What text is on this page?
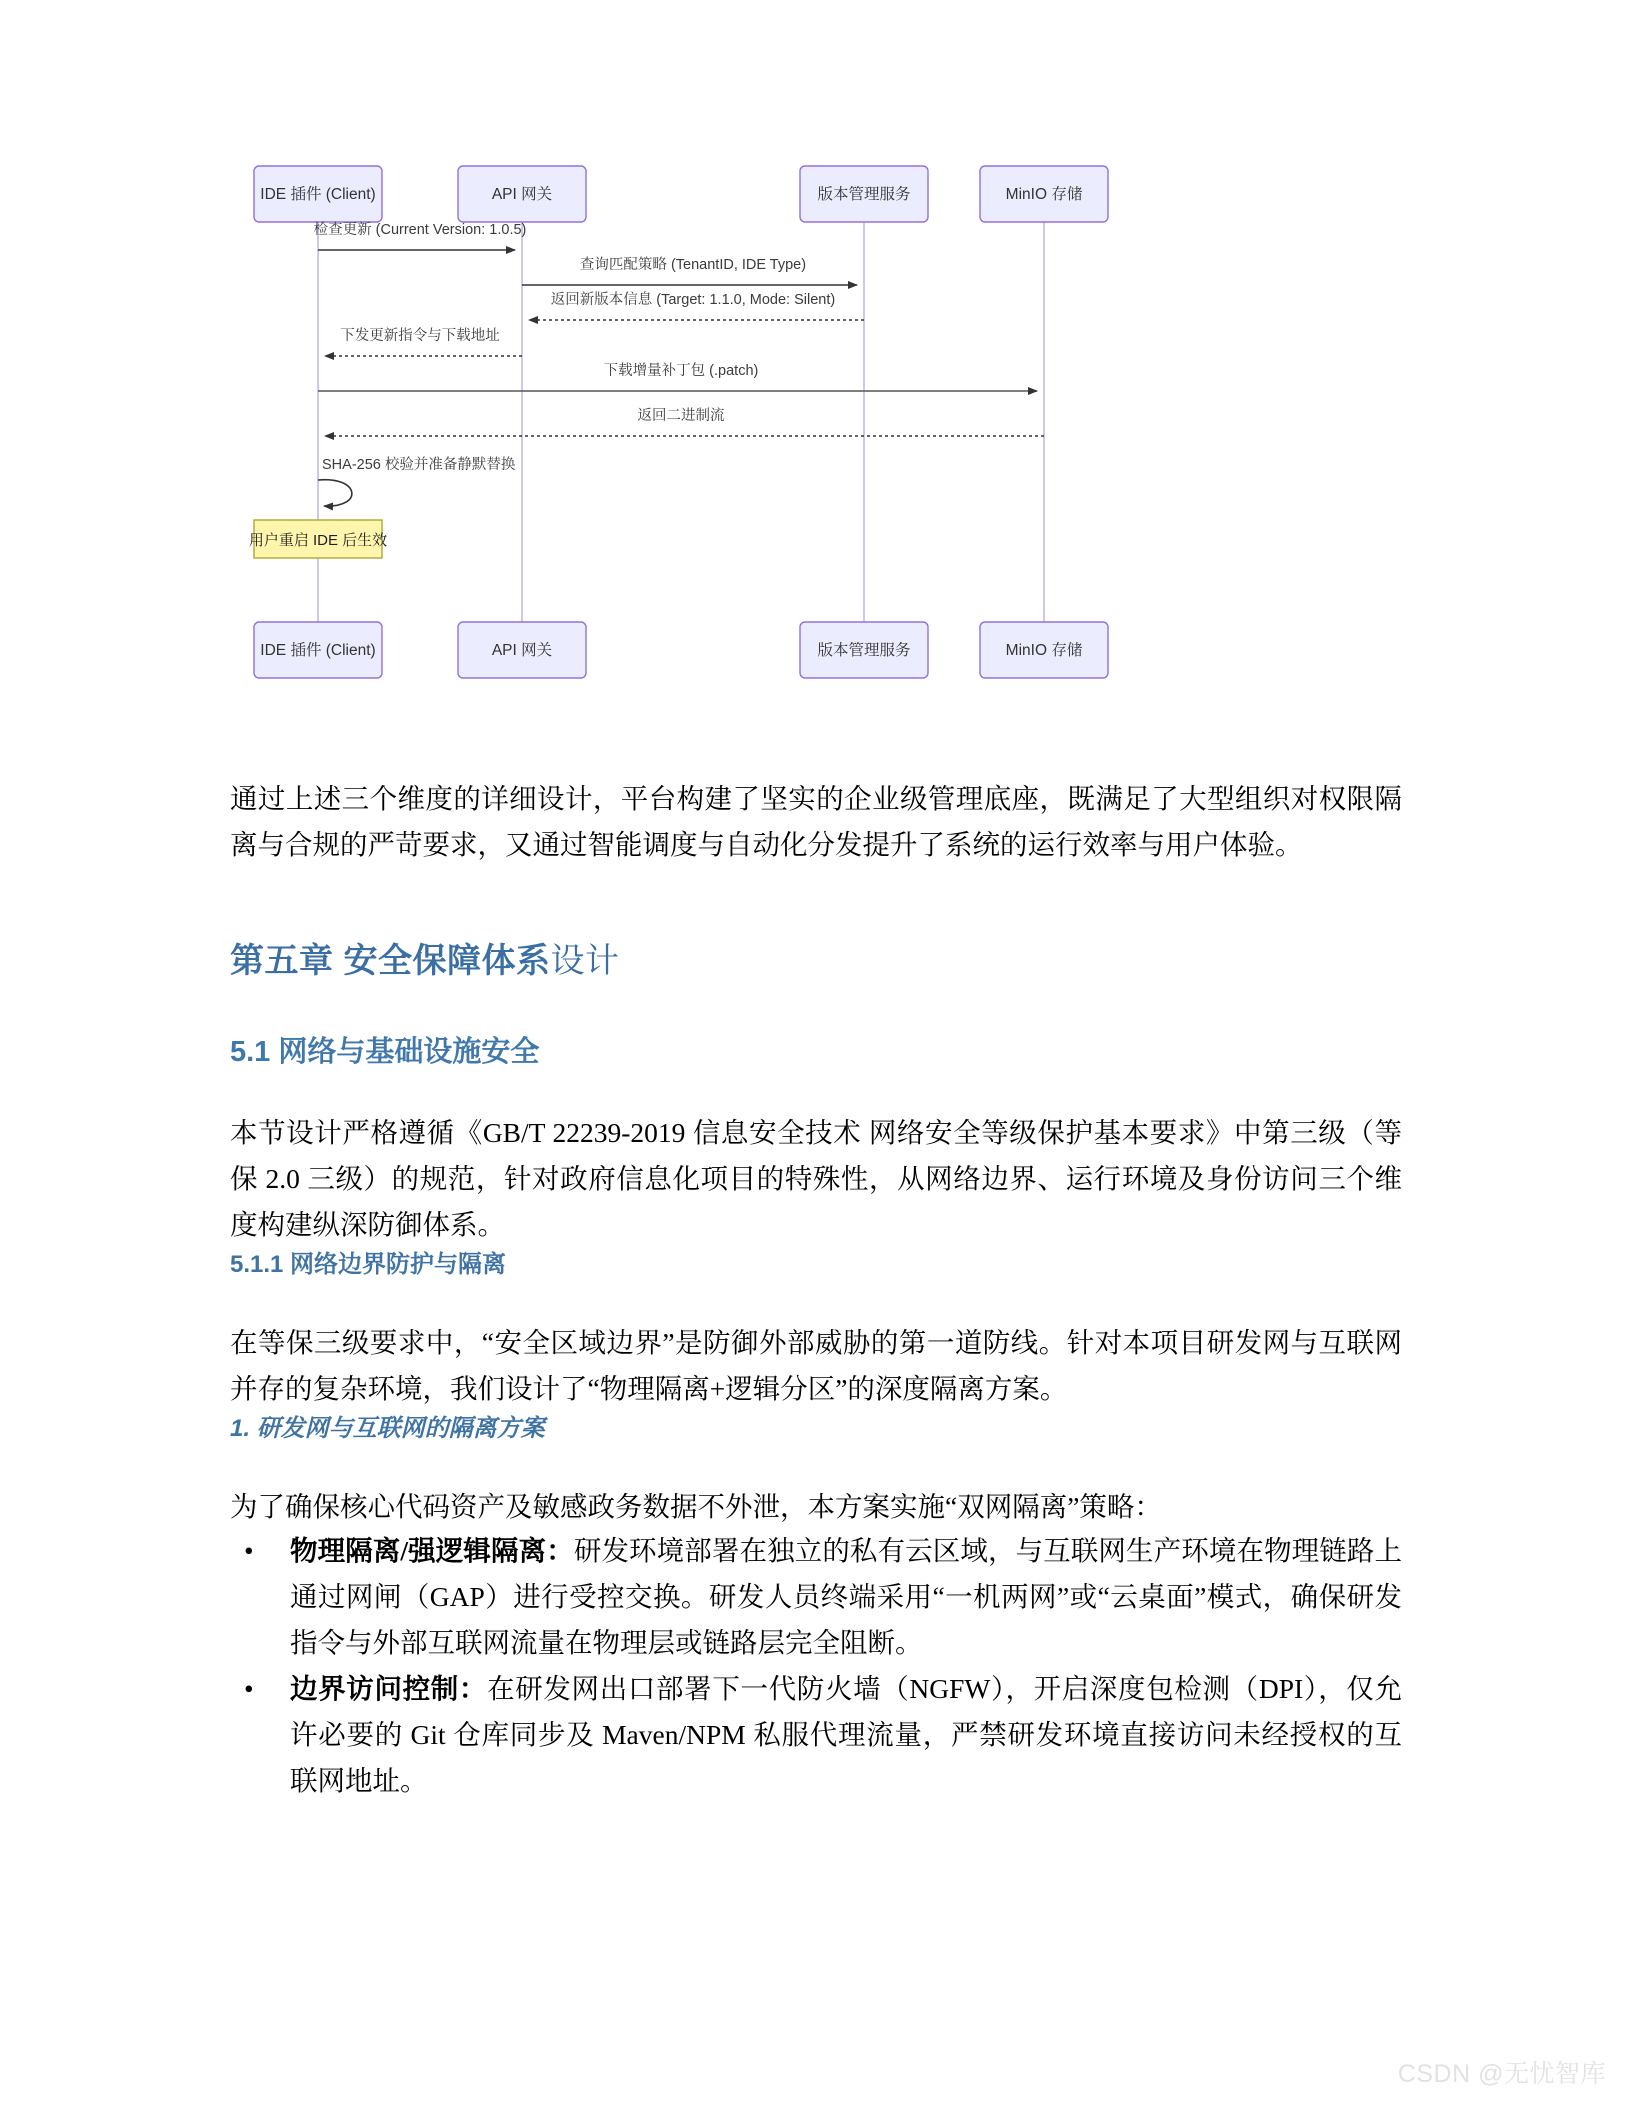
IDE 插件 (Client)	API 网关	版本管理服务	MinIO 存储
检查更新 (Current Version: 1.0.5)
查询匹配策略 (TenantID, IDE Type)
返回新版本信息 (Target: 1.1.0, Mode: Silent)
下发更新指令与下载地址
下载增量补丁包 (.patch)
返回二进制流
SHA-256 校验并准备静默替换
用户重启 IDE 后生效
IDE 插件 (Client)	API 网关	版本管理服务	MinIO 存储

通过上述三个维度的详细设计，平台构建了坚实的企业级管理底座，既满足了大型组织对权限隔离与合规的严苛要求，又通过智能调度与自动化分发提升了系统的运行效率与用户体验。

第五章 安全保障体系设计
5.1 网络与基础设施安全

本节设计严格遵循《GB/T 22239-2019 信息安全技术 网络安全等级保护基本要求》中第三级（等保 2.0 三级）的规范，针对政府信息化项目的特殊性，从网络边界、运行环境及身份访问三个维度构建纵深防御体系。

5.1.1 网络边界防护与隔离

在等保三级要求中，“安全区域边界”是防御外部威胁的第一道防线。针对本项目研发网与互联网并存的复杂环境，我们设计了“物理隔离+逻辑分区”的深度隔离方案。

1. 研发网与互联网的隔离方案

为了确保核心代码资产及敏感政务数据不外泄，本方案实施“双网隔离”策略：

• 物理隔离/强逻辑隔离：研发环境部署在独立的私有云区域，与互联网生产环境在物理链路上通过网闸（GAP）进行受控交换。研发人员终端采用“一机两网”或“云桌面”模式，确保研发指令与外部互联网流量在物理层或链路层完全阻断。
• 边界访问控制：在研发网出口部署下一代防火墙（NGFW），开启深度包检测（DPI），仅允许必要的 Git 仓库同步及 Maven/NPM 私服代理流量，严禁研发环境直接访问未经授权的互联网地址。
CSDN @无忧智库
